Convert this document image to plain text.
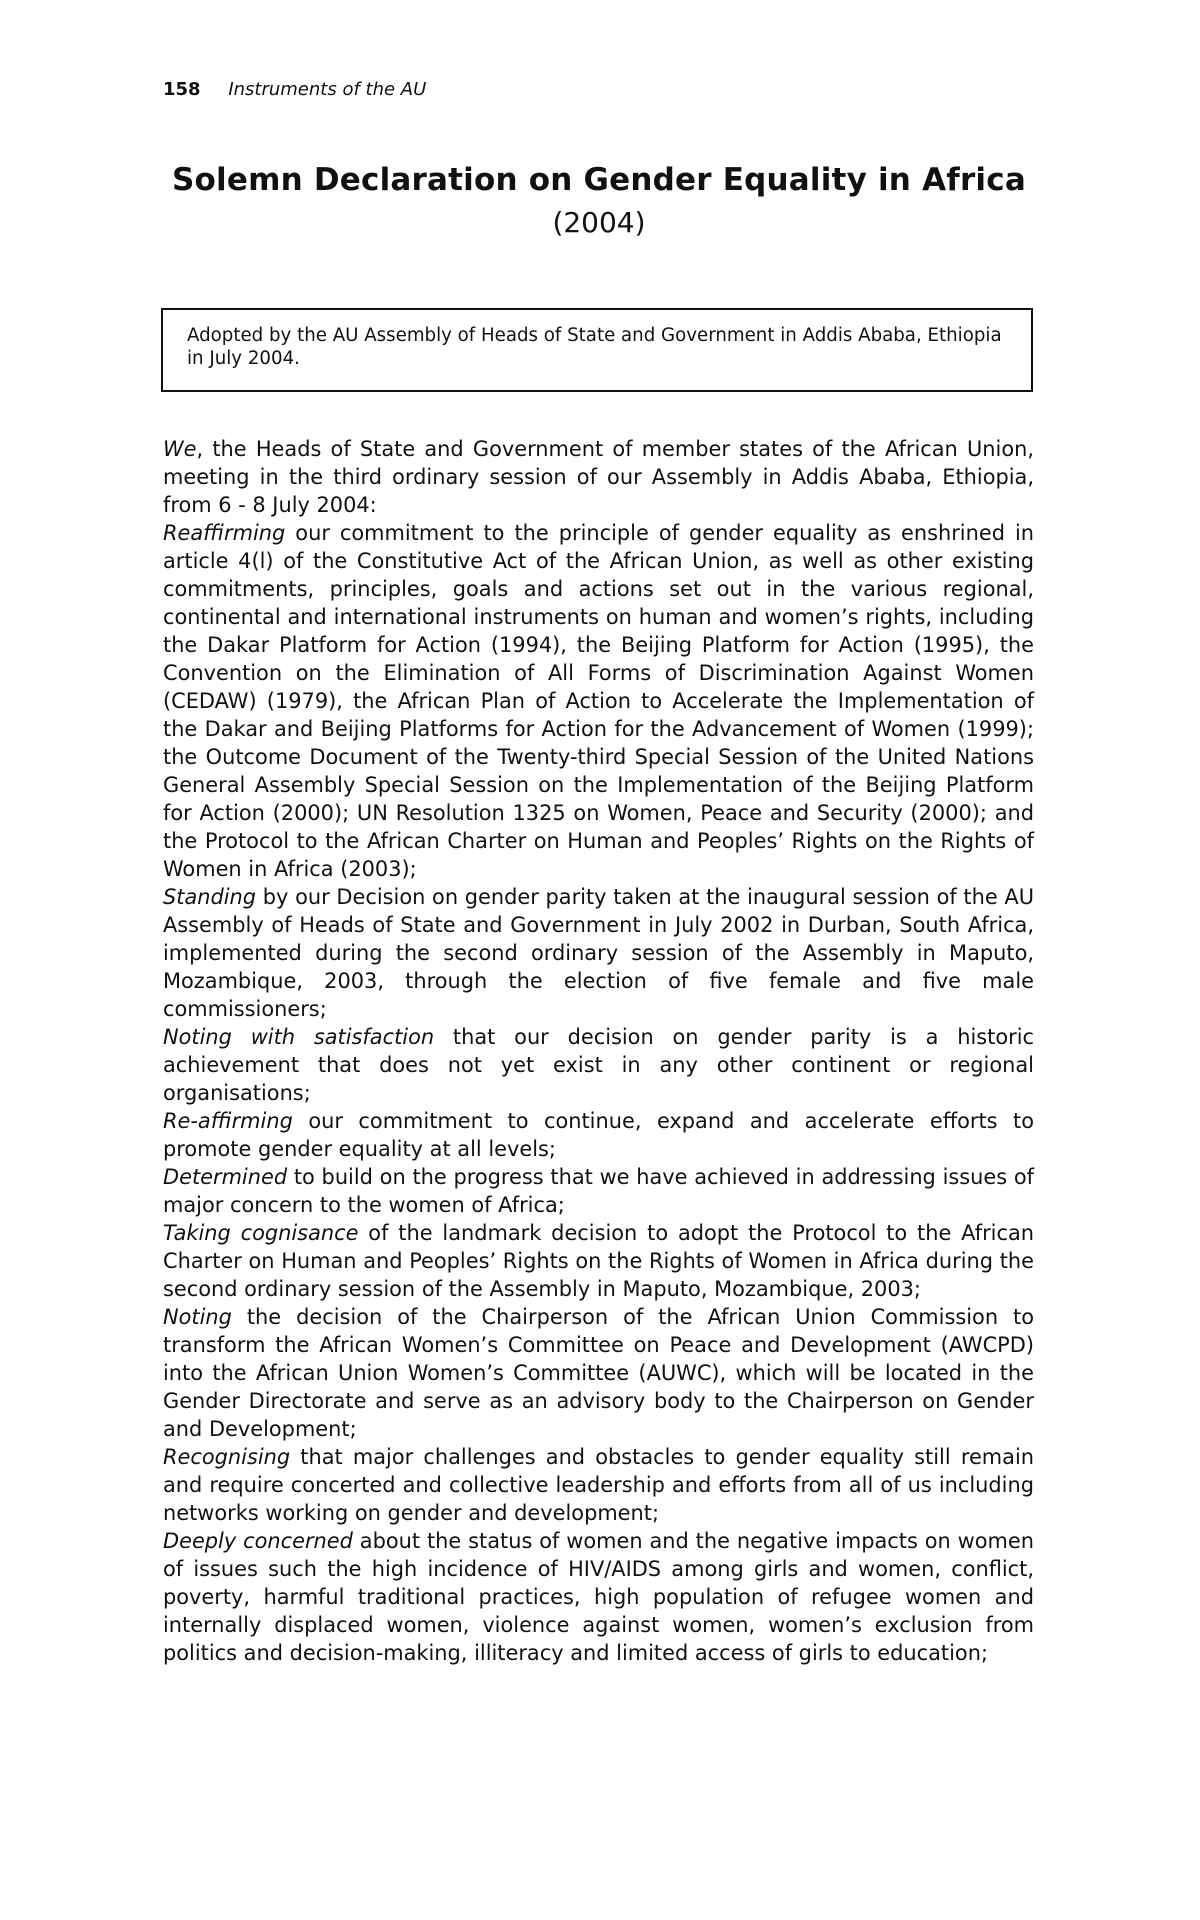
158 Instruments of the AU
Solemn Declaration on Gender Equality in Africa
(2004)
Adopted by the AU Assembly of Heads of State and Government in Addis Ababa, Ethiopia in July 2004.

We, the Heads of State and Government of member states of the African Union, meeting in the third ordinary session of our Assembly in Addis Ababa, Ethiopia, from 6 - 8 July 2004:

Reaffirming our commitment to the principle of gender equality as enshrined in article 4(l) of the Constitutive Act of the African Union, as well as other existing commitments, principles, goals and actions set out in the various regional, continental and international instruments on human and women’s rights, including the Dakar Platform for Action (1994), the Beijing Platform for Action (1995), the Convention on the Elimination of All Forms of Discrimination Against Women (CEDAW) (1979), the African Plan of Action to Accelerate the Implementation of the Dakar and Beijing Platforms for Action for the Advancement of Women (1999); the Outcome Document of the Twenty-third Special Session of the United Nations General Assembly Special Session on the Implementation of the Beijing Platform for Action (2000); UN Resolution 1325 on Women, Peace and Security (2000); and the Protocol to the African Charter on Human and Peoples’ Rights on the Rights of Women in Africa (2003);

Standing by our Decision on gender parity taken at the inaugural session of the AU Assembly of Heads of State and Government in July 2002 in Durban, South Africa, implemented during the second ordinary session of the Assembly in Maputo, Mozambique, 2003, through the election of five female and five male commissioners;

Noting with satisfaction that our decision on gender parity is a historic achievement that does not yet exist in any other continent or regional organisations;

Re-affirming our commitment to continue, expand and accelerate efforts to promote gender equality at all levels;

Determined to build on the progress that we have achieved in addressing issues of major concern to the women of Africa;

Taking cognisance of the landmark decision to adopt the Protocol to the African Charter on Human and Peoples’ Rights on the Rights of Women in Africa during the second ordinary session of the Assembly in Maputo, Mozambique, 2003;

Noting the decision of the Chairperson of the African Union Commission to transform the African Women’s Committee on Peace and Development (AWCPD) into the African Union Women’s Committee (AUWC), which will be located in the Gender Directorate and serve as an advisory body to the Chairperson on Gender and Development;

Recognising that major challenges and obstacles to gender equality still remain and require concerted and collective leadership and efforts from all of us including networks working on gender and development;

Deeply concerned about the status of women and the negative impacts on women of issues such the high incidence of HIV/AIDS among girls and women, conflict, poverty, harmful traditional practices, high population of refugee women and internally displaced women, violence against women, women’s exclusion from politics and decision-making, illiteracy and limited access of girls to education;
